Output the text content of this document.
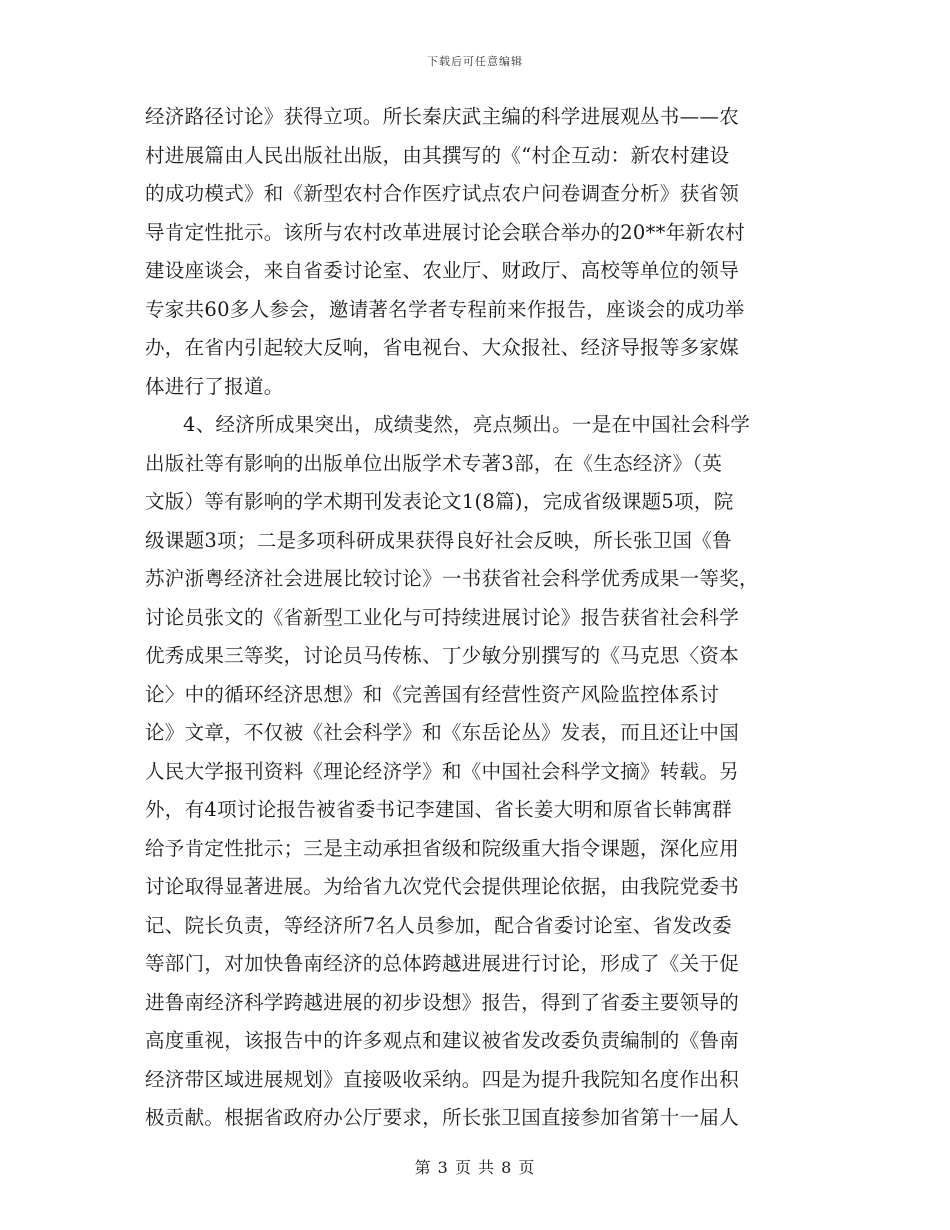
下载后可任意编辑
经济路径讨论》获得立项。所长秦庆武主编的科学进展观丛书——农
村进展篇由人民出版社出版，由其撰写的《“村企互动：新农村建设
的成功模式》和《新型农村合作医疗试点农户问卷调查分析》获省领
导肯定性批示。该所与农村改革进展讨论会联合举办的20**年新农村
建设座谈会，来自省委讨论室、农业厅、财政厅、高校等单位的领导
专家共60多人参会，邀请著名学者专程前来作报告，座谈会的成功举
办，在省内引起较大反响，省电视台、大众报社、经济导报等多家媒
体进行了报道。
4、经济所成果突出，成绩斐然，亮点频出。一是在中国社会科学
出版社等有影响的出版单位出版学术专著3部，在《生态经济》（英
文版）等有影响的学术期刊发表论文1(8篇)，完成省级课题5项，院
级课题3项；二是多项科研成果获得良好社会反映，所长张卫国《鲁
苏沪浙粤经济社会进展比较讨论》一书获省社会科学优秀成果一等奖，
讨论员张文的《省新型工业化与可持续进展讨论》报告获省社会科学
优秀成果三等奖，讨论员马传栋、丁少敏分别撰写的《马克思〈资本
论〉中的循环经济思想》和《完善国有经营性资产风险监控体系讨
论》文章，不仅被《社会科学》和《东岳论丛》发表，而且还让中国
人民大学报刊资料《理论经济学》和《中国社会科学文摘》转载。另
外，有4项讨论报告被省委书记李建国、省长姜大明和原省长韩寓群
给予肯定性批示；三是主动承担省级和院级重大指令课题，深化应用
讨论取得显著进展。为给省九次党代会提供理论依据，由我院党委书
记、院长负责，等经济所7名人员参加，配合省委讨论室、省发改委
等部门，对加快鲁南经济的总体跨越进展进行讨论，形成了《关于促
进鲁南经济科学跨越进展的初步设想》报告，得到了省委主要领导的
高度重视，该报告中的许多观点和建议被省发改委负责编制的《鲁南
经济带区域进展规划》直接吸收采纳。四是为提升我院知名度作出积
极贡献。根据省政府办公厅要求，所长张卫国直接参加省第十一届人
第 3 页 共 8 页
